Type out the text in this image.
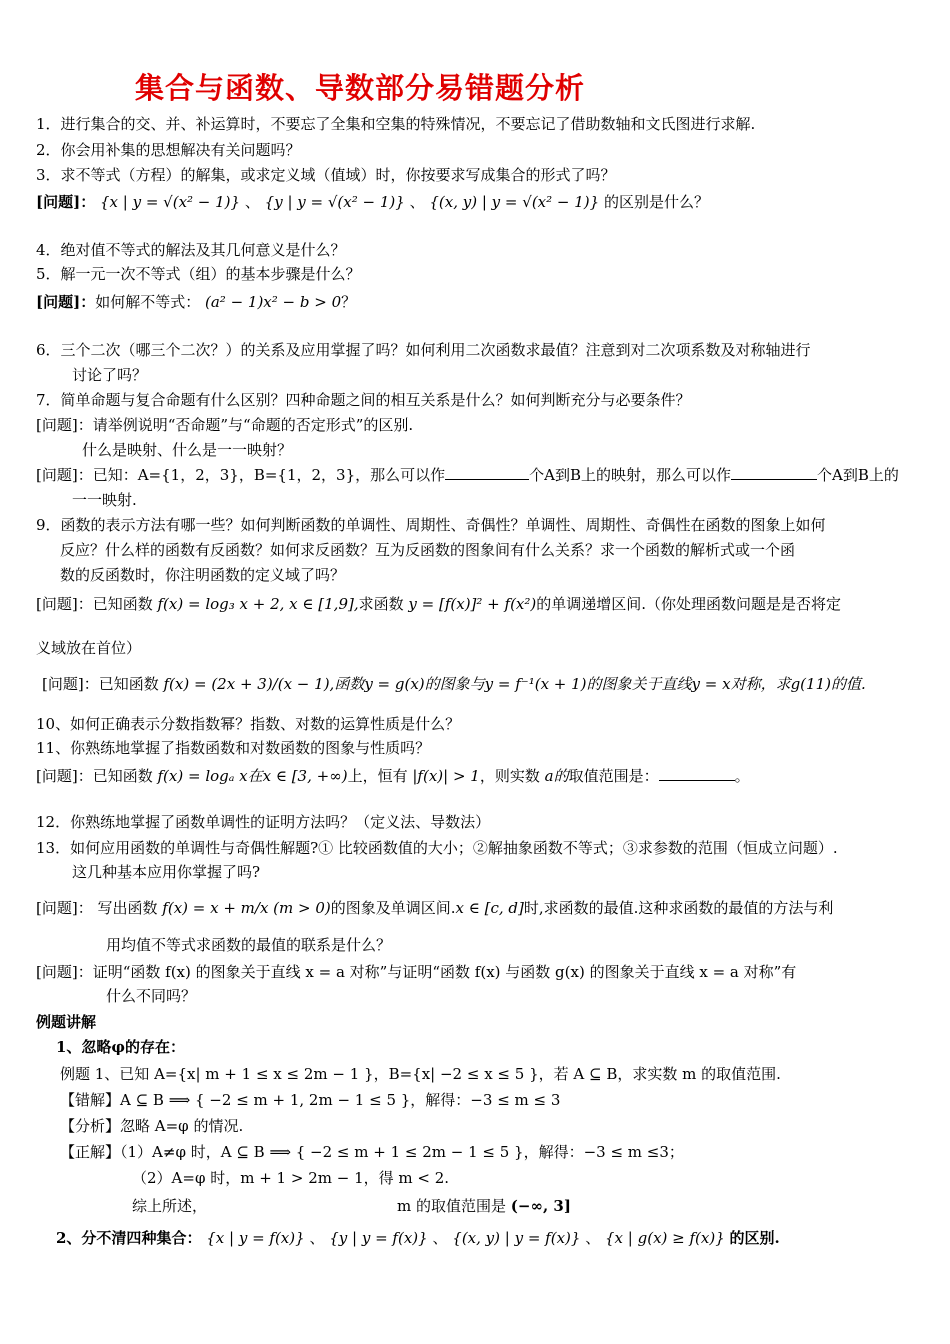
集合与函数、导数部分易错题分析
1．进行集合的交、并、补运算时，不要忘了全集和空集的特殊情况，不要忘记了借助数轴和文氏图进行求解.
2．你会用补集的思想解决有关问题吗？
3．求不等式（方程）的解集，或求定义域（值域）时，你按要求写成集合的形式了吗？
[问题]： {x | y = √(x² − 1)} 、 {y | y = √(x² − 1)} 、 {(x, y) | y = √(x² − 1)} 的区别是什么？
4．绝对值不等式的解法及其几何意义是什么？
5．解一元一次不等式（组）的基本步骤是什么？
[问题]：如何解不等式： (a² − 1)x² − b > 0？
6．三个二次（哪三个二次？）的关系及应用掌握了吗？如何利用二次函数求最值？注意到对二次项系数及对称轴进行
讨论了吗？
7．简单命题与复合命题有什么区别？四种命题之间的相互关系是什么？如何判断充分与必要条件？
[问题]：请举例说明“否命题”与“命题的否定形式”的区别.
什么是映射、什么是一一映射？
[问题]：已知：A={1，2，3}，B={1，2，3}，那么可以作	个A到B上的映射，那么可以作	个A到B上的
一一映射.
9．函数的表示方法有哪一些？如何判断函数的单调性、周期性、奇偶性？单调性、周期性、奇偶性在函数的图象上如何
反应？什么样的函数有反函数？如何求反函数？互为反函数的图象间有什么关系？求一个函数的解析式或一个函
数的反函数时，你注明函数的定义域了吗？
[问题]：已知函数 f(x) = log₃ x + 2, x ∈ [1,9],求函数 y = [f(x)]² + f(x²)的单调递增区间.（你处理函数问题是是否将定
义域放在首位）
[问题]：已知函数 f(x) = (2x + 3)/(x − 1),函数y = g(x)的图象与y = f⁻¹(x + 1)的图象关于直线y = x对称，求g(11)的值.
10、如何正确表示分数指数幂？指数、对数的运算性质是什么？
11、你熟练地掌握了指数函数和对数函数的图象与性质吗？
[问题]：已知函数 f(x) = logₐ x在x ∈ [3, +∞)上，恒有 |f(x)| > 1，则实数 a的取值范围是：	。
12．你熟练地掌握了函数单调性的证明方法吗？（定义法、导数法）
13．如何应用函数的单调性与奇偶性解题?① 比较函数值的大小；②解抽象函数不等式；③求参数的范围（恒成立问题）.
这几种基本应用你掌握了吗?
[问题]： 写出函数 f(x) = x + m/x (m > 0)的图象及单调区间.x ∈ [c, d]时,求函数的最值.这种求函数的最值的方法与利
用均值不等式求函数的最值的联系是什么？
[问题]：证明“函数 f(x) 的图象关于直线 x = a 对称”与证明“函数 f(x) 与函数 g(x) 的图象关于直线 x = a 对称”有
什么不同吗？
例题讲解
1、忽略φ的存在：
例题 1、已知 A={x| m + 1 ≤ x ≤ 2m − 1 }，B={x| −2 ≤ x ≤ 5 }，若 A ⊆ B，求实数 m 的取值范围.
【错解】A ⊆ B ⟹ { −2 ≤ m + 1, 2m − 1 ≤ 5 }，解得：−3 ≤ m ≤ 3
【分析】忽略 A=φ 的情况.
【正解】（1）A≠φ 时，A ⊆ B ⟹ { −2 ≤ m + 1 ≤ 2m − 1 ≤ 5 }，解得：−3 ≤ m ≤3；
（2）A=φ 时，m + 1 > 2m − 1，得 m < 2.
综上所述，	m 的取值范围是 (−∞, 3]
2、分不清四种集合： {x | y = f(x)} 、 {y | y = f(x)} 、 {(x, y) | y = f(x)} 、 {x | g(x) ≥ f(x)} 的区别.
